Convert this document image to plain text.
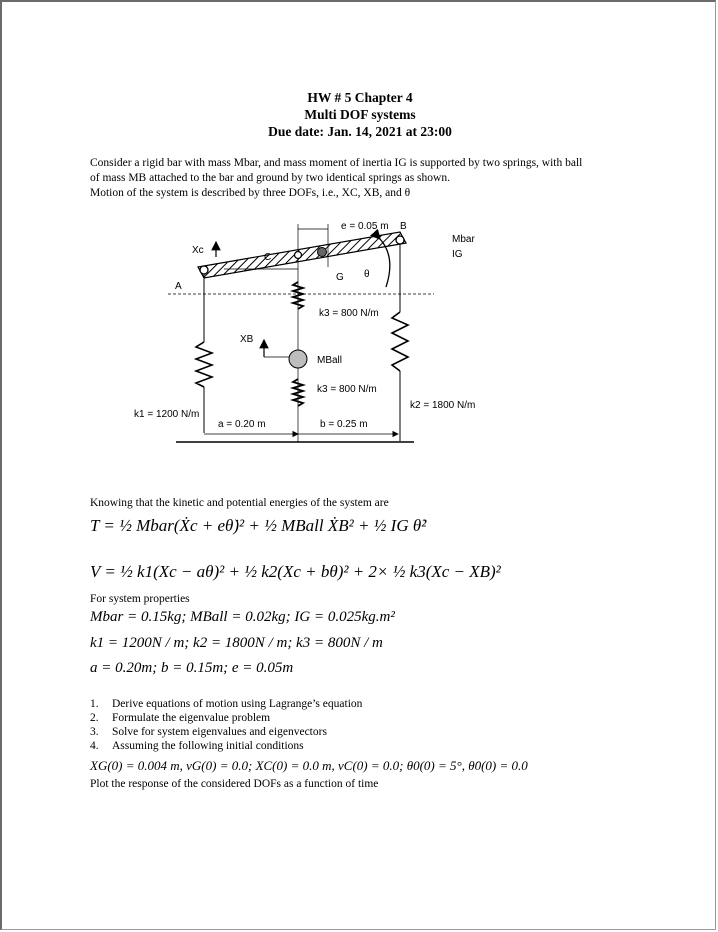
HW # 5 Chapter 4
Multi DOF systems
Due date: Jan. 14, 2021 at 23:00
Consider a rigid bar with mass Mbar, and mass moment of inertia IG is supported by two springs, with ball
of mass MB attached to the bar and ground by two identical springs as shown.
Motion of the system is described by three DOFs, i.e., XC, XB, and θ
e = 0.05 m B
Mbar
IG
Xc
C
G θ
A
k3 = 800 N/m
XB
MBall
k3 = 800 N/m
k1 = 1200 N/m
k2 = 1800 N/m
a = 0.20 m	b = 0.25 m
Knowing that the kinetic and potential energies of the system are
T = ½ Mbar(Ẋc + eθ̇)² + ½ MBall ẊB² + ½ IG θ̇²
V = ½ k1(Xc − aθ)² + ½ k2(Xc + bθ)² + 2× ½ k3(Xc − XB)²
For system properties
Mbar = 0.15kg; MBall = 0.02kg; IG = 0.025kg.m²
k1 = 1200N / m; k2 = 1800N / m; k3 = 800N / m
a = 0.20m; b = 0.15m; e = 0.05m
1. Derive equations of motion using Lagrange’s equation
2. Formulate the eigenvalue problem
3. Solve for system eigenvalues and eigenvectors
4. Assuming the following initial conditions
XG(0) = 0.004 m, vG(0) = 0.0; XC(0) = 0.0 m, vC(0) = 0.0; θ0(0) = 5°, θ̇0(0) = 0.0
Plot the response of the considered DOFs as a function of time
